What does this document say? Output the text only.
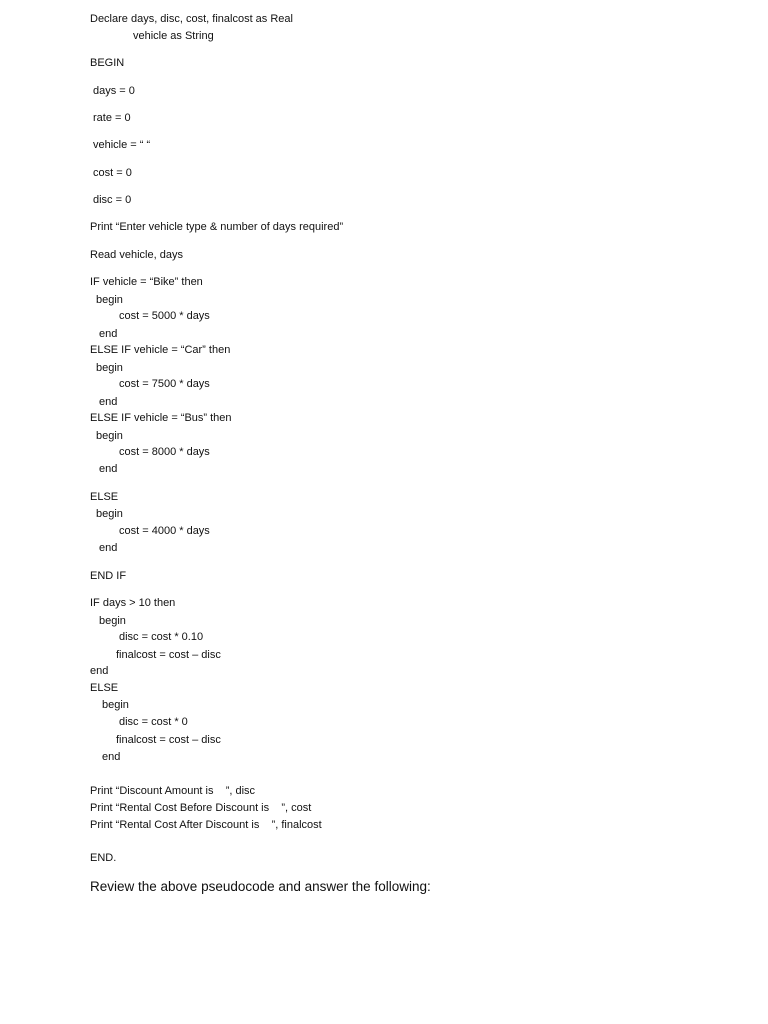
Declare days, disc, cost, finalcost as Real
vehicle as String
BEGIN
days = 0
rate = 0
vehicle = “ “
cost = 0
disc = 0
Print “Enter vehicle type & number of days required”
Read vehicle, days
IF vehicle = “Bike” then
begin
cost = 5000 * days
end
ELSE IF vehicle = “Car” then
begin
cost = 7500 * days
end
ELSE IF vehicle = “Bus” then
begin
cost = 8000 * days
end
ELSE
begin
cost = 4000 * days
end
END IF
IF days > 10 then
begin
disc = cost * 0.10
finalcost = cost – disc
end
ELSE
begin
disc = cost * 0
finalcost = cost – disc
end
Print “Discount Amount is    ”, disc
Print “Rental Cost Before Discount is    ”, cost
Print “Rental Cost After Discount is    ”, finalcost
END.
Review the above pseudocode and answer the following:
